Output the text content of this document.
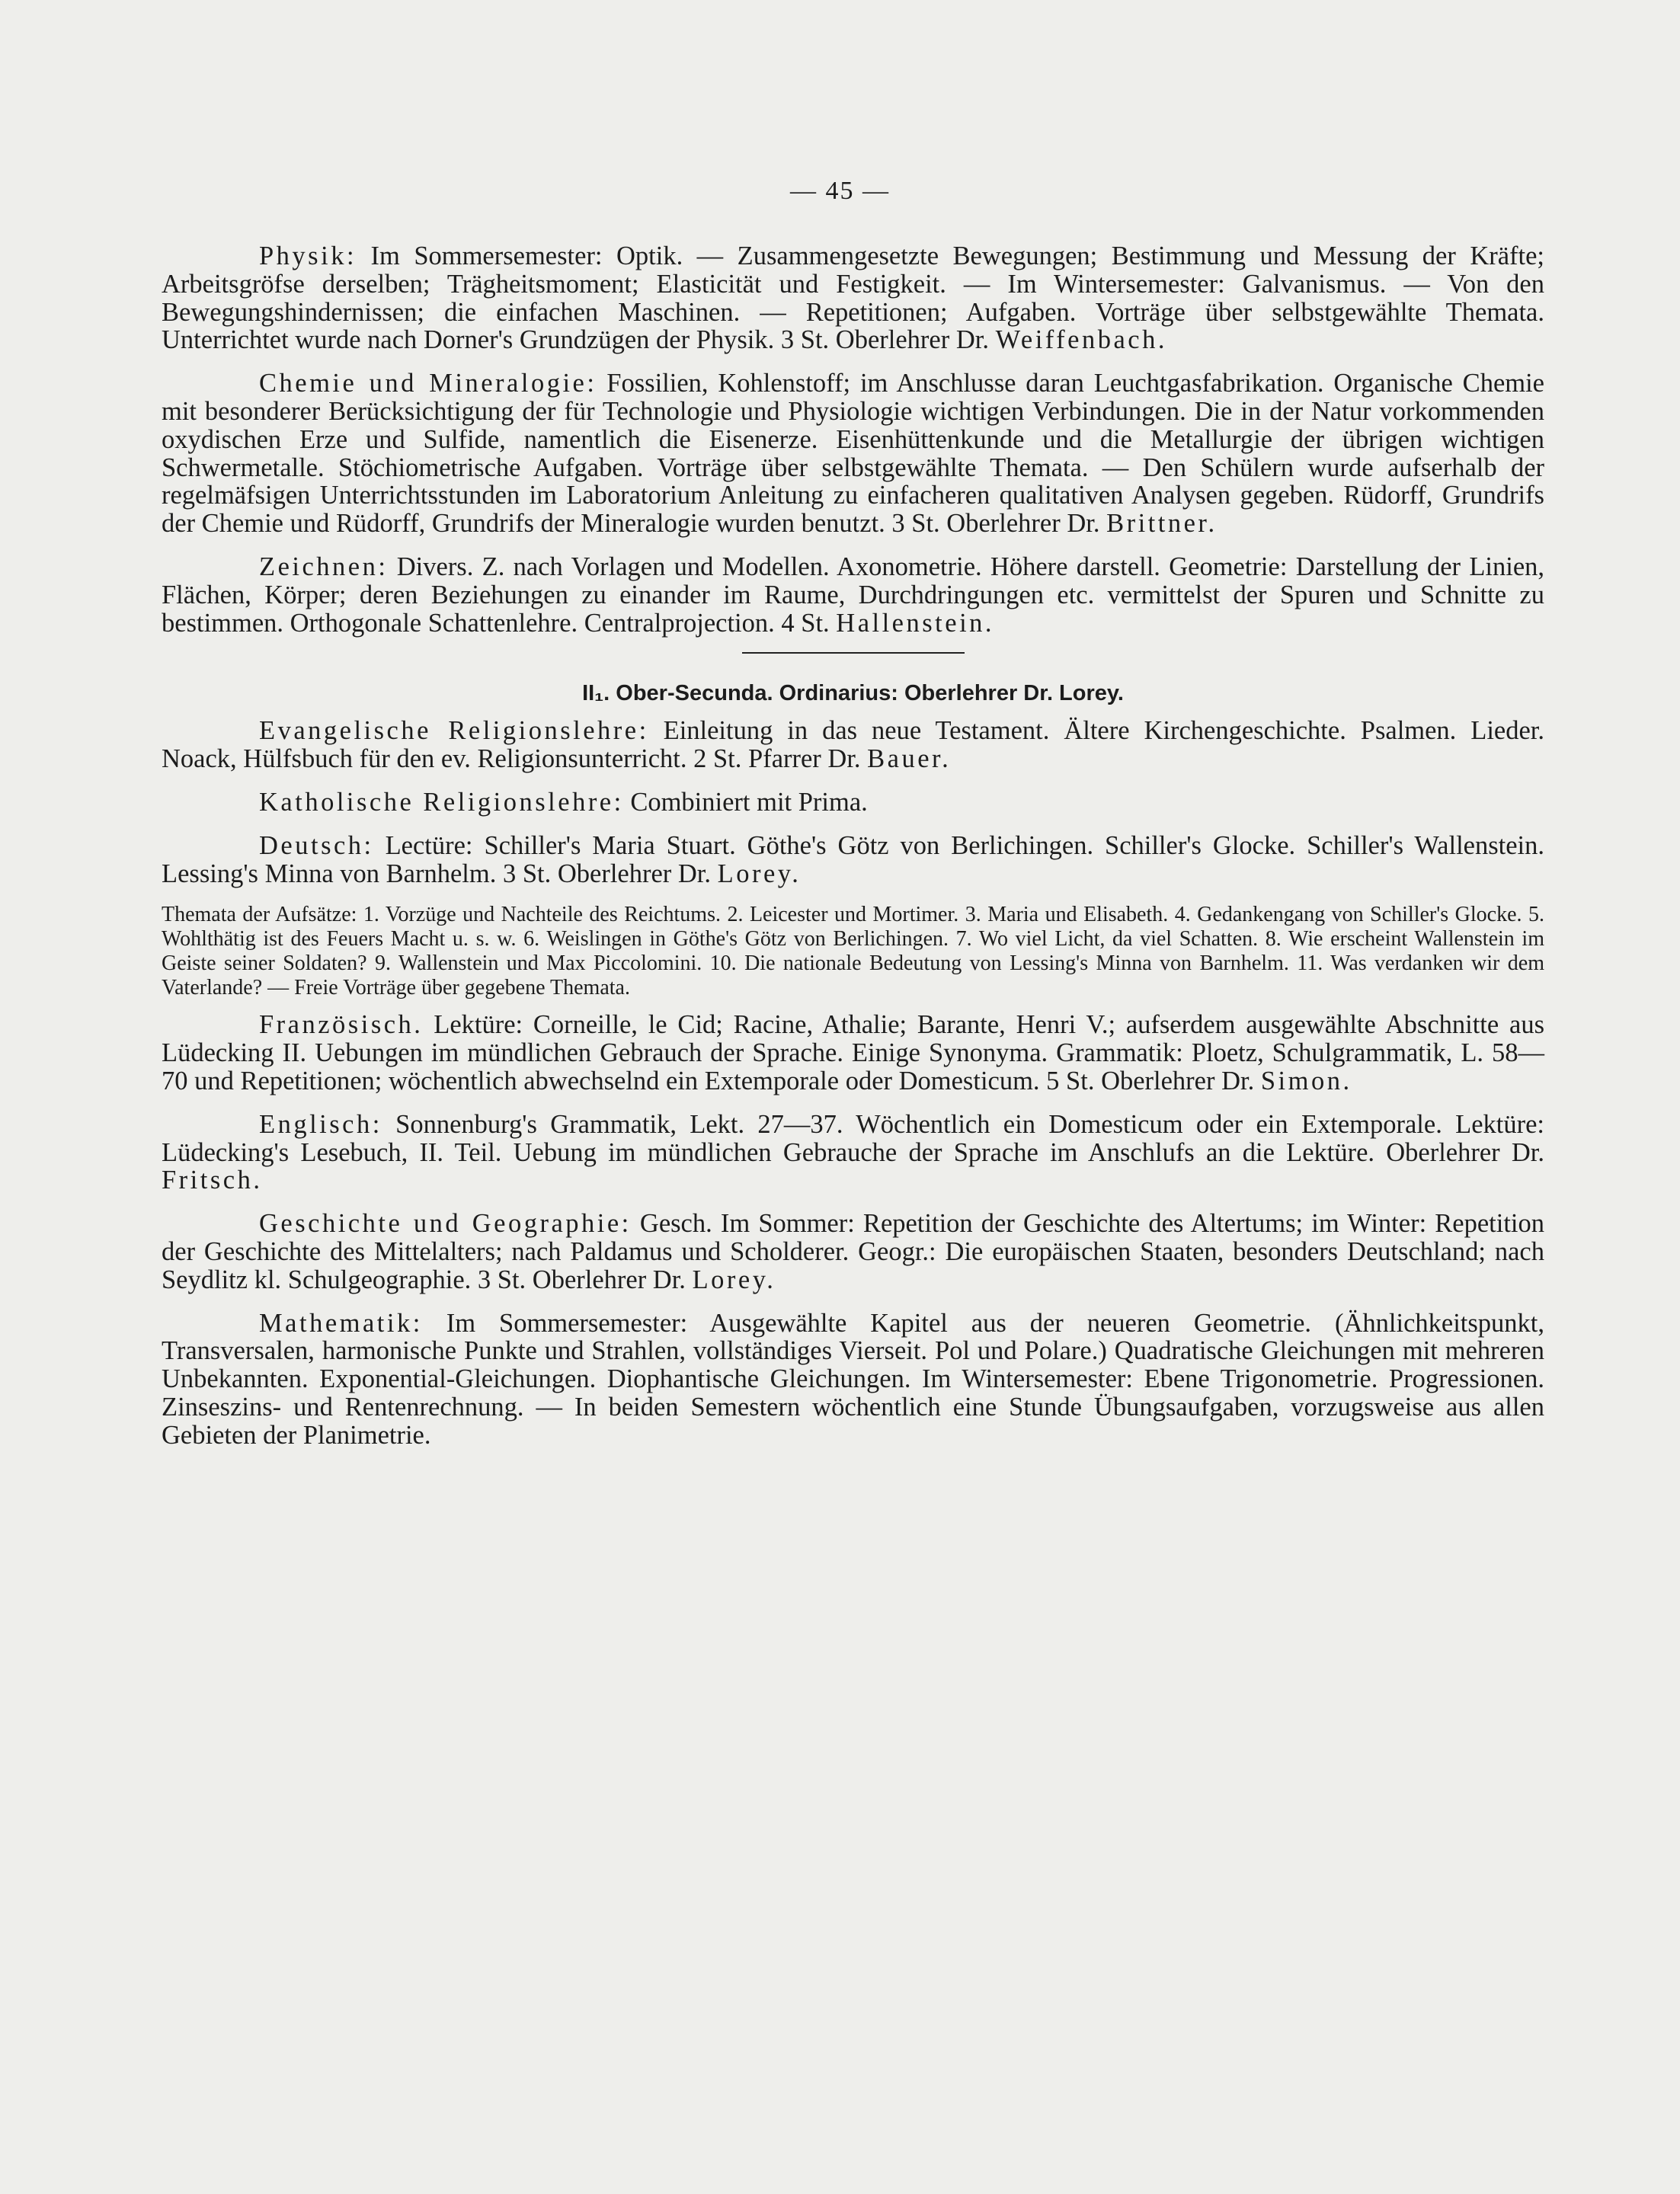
— 45 —

Physik: Im Sommersemester: Optik. — Zusammengesetzte Bewegungen; Bestimmung und Messung der Kräfte; Arbeitsgröfse derselben; Trägheitsmoment; Elasticität und Festigkeit. — Im Wintersemester: Galvanismus. — Von den Bewegungshindernissen; die einfachen Maschinen. — Repetitionen; Aufgaben. Vorträge über selbstgewählte Themata. Unterrichtet wurde nach Dorner's Grundzügen der Physik. 3 St. Oberlehrer Dr. Weiffenbach.

Chemie und Mineralogie: Fossilien, Kohlenstoff; im Anschlusse daran Leuchtgasfabrikation. Organische Chemie mit besonderer Berücksichtigung der für Technologie und Physiologie wichtigen Verbindungen. Die in der Natur vorkommenden oxydischen Erze und Sulfide, namentlich die Eisenerze. Eisenhüttenkunde und die Metallurgie der übrigen wichtigen Schwermetalle. Stöchiometrische Aufgaben. Vorträge über selbstgewählte Themata. — Den Schülern wurde aufserhalb der regelmäfsigen Unterrichtsstunden im Laboratorium Anleitung zu einfacheren qualitativen Analysen gegeben. Rüdorff, Grundrifs der Chemie und Rüdorff, Grundrifs der Mineralogie wurden benutzt. 3 St. Oberlehrer Dr. Brittner.

Zeichnen: Divers. Z. nach Vorlagen und Modellen. Axonometrie. Höhere darstell. Geometrie: Darstellung der Linien, Flächen, Körper; deren Beziehungen zu einander im Raume, Durchdringungen etc. vermittelst der Spuren und Schnitte zu bestimmen. Orthogonale Schattenlehre. Centralprojection. 4 St. Hallenstein.

II₁. Ober-Secunda. Ordinarius: Oberlehrer Dr. Lorey.

Evangelische Religionslehre: Einleitung in das neue Testament. Ältere Kirchengeschichte. Psalmen. Lieder. Noack, Hülfsbuch für den ev. Religionsunterricht. 2 St. Pfarrer Dr. Bauer.

Katholische Religionslehre: Combiniert mit Prima.

Deutsch: Lectüre: Schiller's Maria Stuart. Göthe's Götz von Berlichingen. Schiller's Glocke. Schiller's Wallenstein. Lessing's Minna von Barnhelm. 3 St. Oberlehrer Dr. Lorey.

Themata der Aufsätze: 1. Vorzüge und Nachteile des Reichtums. 2. Leicester und Mortimer. 3. Maria und Elisabeth. 4. Gedankengang von Schiller's Glocke. 5. Wohlthätig ist des Feuers Macht u. s. w. 6. Weislingen in Göthe's Götz von Berlichingen. 7. Wo viel Licht, da viel Schatten. 8. Wie erscheint Wallenstein im Geiste seiner Soldaten? 9. Wallenstein und Max Piccolomini. 10. Die nationale Bedeutung von Lessing's Minna von Barnhelm. 11. Was verdanken wir dem Vaterlande? — Freie Vorträge über gegebene Themata.

Französisch. Lektüre: Corneille, le Cid; Racine, Athalie; Barante, Henri V.; aufserdem ausgewählte Abschnitte aus Lüdecking II. Uebungen im mündlichen Gebrauch der Sprache. Einige Synonyma. Grammatik: Ploetz, Schulgrammatik, L. 58—70 und Repetitionen; wöchentlich abwechselnd ein Extemporale oder Domesticum. 5 St. Oberlehrer Dr. Simon.

Englisch: Sonnenburg's Grammatik, Lekt. 27—37. Wöchentlich ein Domesticum oder ein Extemporale. Lektüre: Lüdecking's Lesebuch, II. Teil. Uebung im mündlichen Gebrauche der Sprache im Anschlufs an die Lektüre. Oberlehrer Dr. Fritsch.

Geschichte und Geographie: Gesch. Im Sommer: Repetition der Geschichte des Altertums; im Winter: Repetition der Geschichte des Mittelalters; nach Paldamus und Scholderer. Geogr.: Die europäischen Staaten, besonders Deutschland; nach Seydlitz kl. Schulgeographie. 3 St. Oberlehrer Dr. Lorey.

Mathematik: Im Sommersemester: Ausgewählte Kapitel aus der neueren Geometrie. (Ähnlichkeitspunkt, Transversalen, harmonische Punkte und Strahlen, vollständiges Vierseit. Pol und Polare.) Quadratische Gleichungen mit mehreren Unbekannten. Exponential-Gleichungen. Diophantische Gleichungen. Im Wintersemester: Ebene Trigonometrie. Progressionen. Zinseszins- und Rentenrechnung. — In beiden Semestern wöchentlich eine Stunde Übungsaufgaben, vorzugsweise aus allen Gebieten der Planimetrie.
